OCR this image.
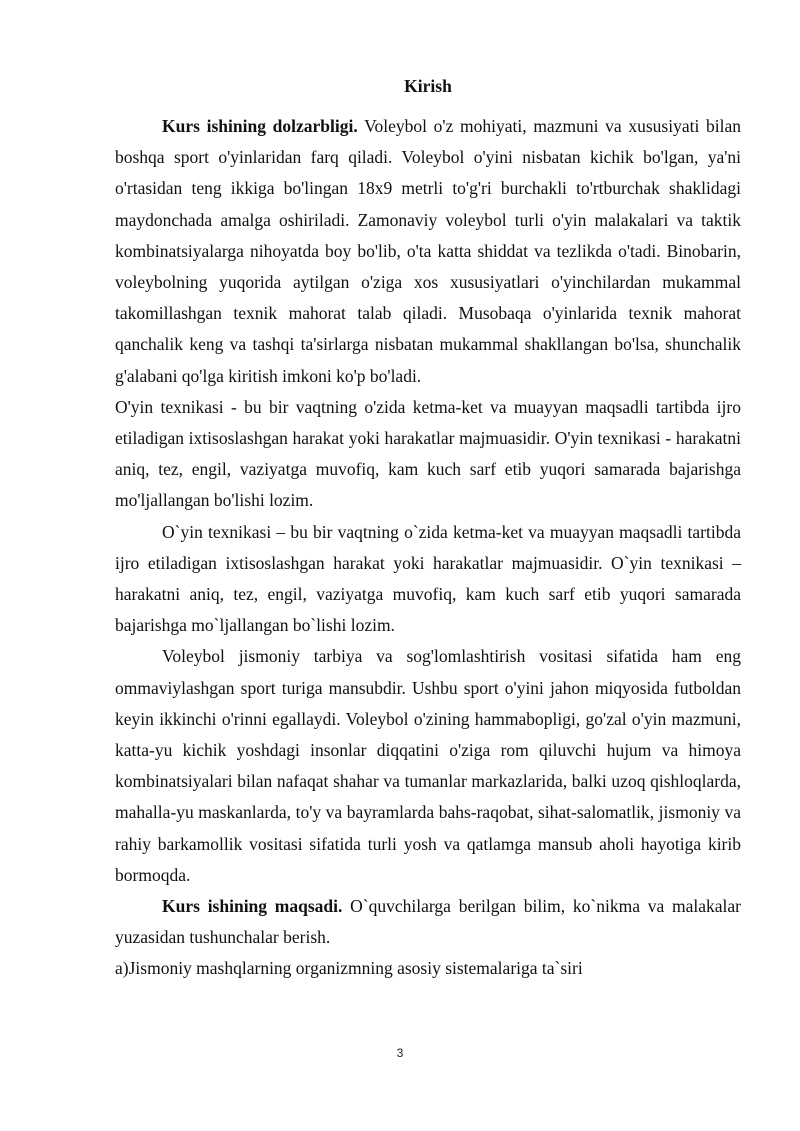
Kirish

Kurs ishining dolzarbligi. Voleybol o'z mohiyati, mazmuni va xususiyati bilan boshqa sport o'yinlaridan farq qiladi. Voleybol o'yini nisbatan kichik bo'lgan, ya'ni o'rtasidan teng ikkiga bo'lingan 18x9 metrli to'g'ri burchakli to'rtburchak shaklidagi maydonchada amalga oshiriladi. Zamonaviy voleybol turli o'yin malakalari va taktik kombinatsiyalarga nihoyatda boy bo'lib, o'ta katta shiddat va tezlikda o'tadi. Binobarin, voleybolning yuqorida aytilgan o'ziga xos xususiyatlari o'yinchilardan mukammal takomillashgan texnik mahorat talab qiladi. Musobaqa o'yinlarida texnik mahorat qanchalik keng va tashqi ta'sirlarga nisbatan mukammal shakllangan bo'lsa, shunchalik g'alabani qo'lga kiritish imkoni ko'p bo'ladi.

O'yin texnikasi - bu bir vaqtning o'zida ketma-ket va muayyan maqsadli tartibda ijro etiladigan ixtisoslashgan harakat yoki harakatlar majmuasidir. O'yin texnikasi - harakatni aniq, tez, engil, vaziyatga muvofiq, kam kuch sarf etib yuqori samarada bajarishga mo'ljallangan bo'lishi lozim.

O`yin texnikasi – bu bir vaqtning o`zida ketma-ket va muayyan maqsadli tartibda ijro etiladigan ixtisoslashgan harakat yoki harakatlar majmuasidir. O`yin texnikasi – harakatni aniq, tez, engil, vaziyatga muvofiq, kam kuch sarf etib yuqori samarada bajarishga mo`ljallangan bo`lishi lozim.

Voleybol jismoniy tarbiya va sog'lomlashtirish vositasi sifatida ham eng ommaviylashgan sport turiga mansubdir. Ushbu sport o'yini jahon miqyosida futboldan keyin ikkinchi o'rinni egallaydi. Voleybol o'zining hammabopligi, go'zal o'yin mazmuni, katta-yu kichik yoshdagi insonlar diqqatini o'ziga rom qiluvchi hujum va himoya kombinatsiyalari bilan nafaqat shahar va tumanlar markazlarida, balki uzoq qishloqlarda, mahalla-yu maskanlarda, to'y va bayramlarda bahs-raqobat, sihat-salomatlik, jismoniy va rahiy barkamollik vositasi sifatida turli yosh va qatlamga mansub aholi hayotiga kirib bormoqda.

Kurs ishining maqsadi. O`quvchilarga berilgan bilim, ko`nikma va malakalar yuzasidan tushunchalar berish.

a)Jismoniy mashqlarning organizmning asosiy sistemalariga ta`siri

3
